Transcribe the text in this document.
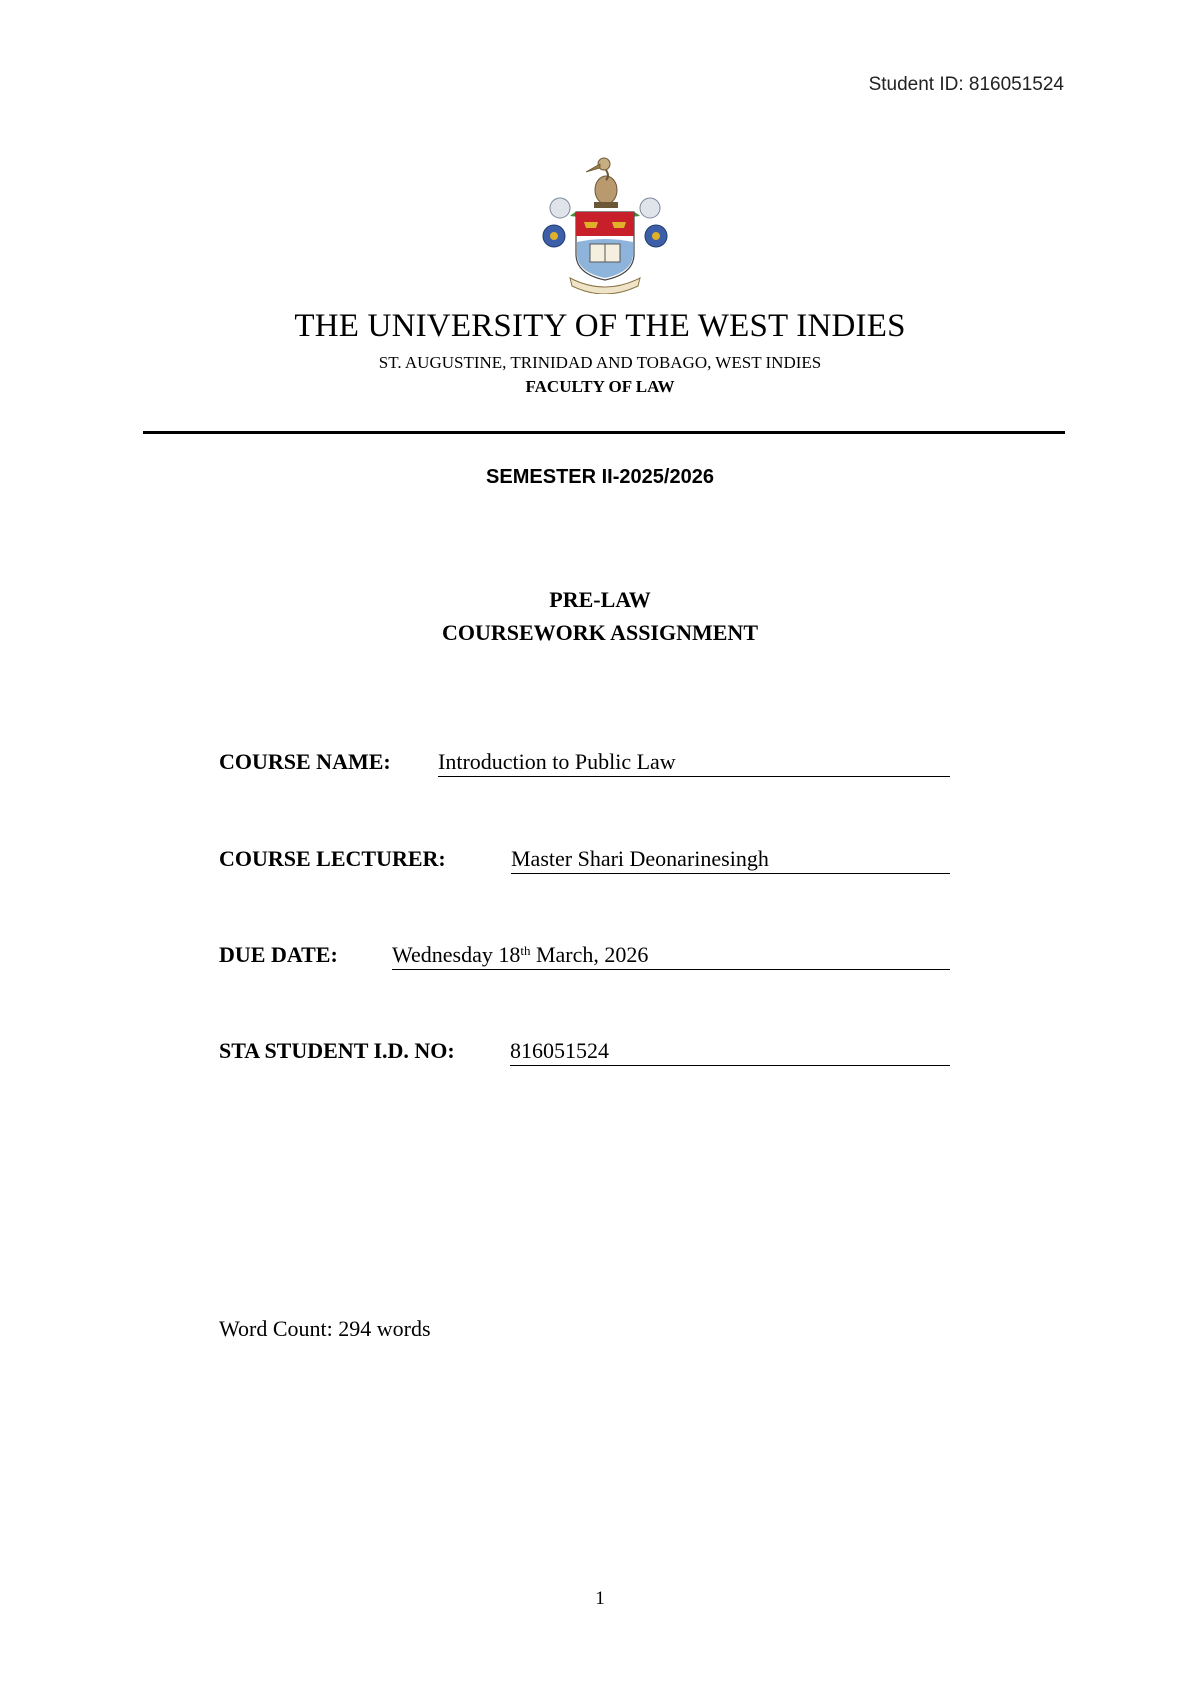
Student ID: 816051524
THE UNIVERSITY OF THE WEST INDIES
ST. AUGUSTINE, TRINIDAD AND TOBAGO, WEST INDIES
FACULTY OF LAW
SEMESTER II-2025/2026
PRE-LAW
COURSEWORK ASSIGNMENT
COURSE NAME: Introduction to Public Law
COURSE LECTURER:	Master Shari Deonarinesingh
DUE DATE: Wednesday 18th March, 2026
STA STUDENT I.D. NO:	816051524
Word Count: 294 words
1
